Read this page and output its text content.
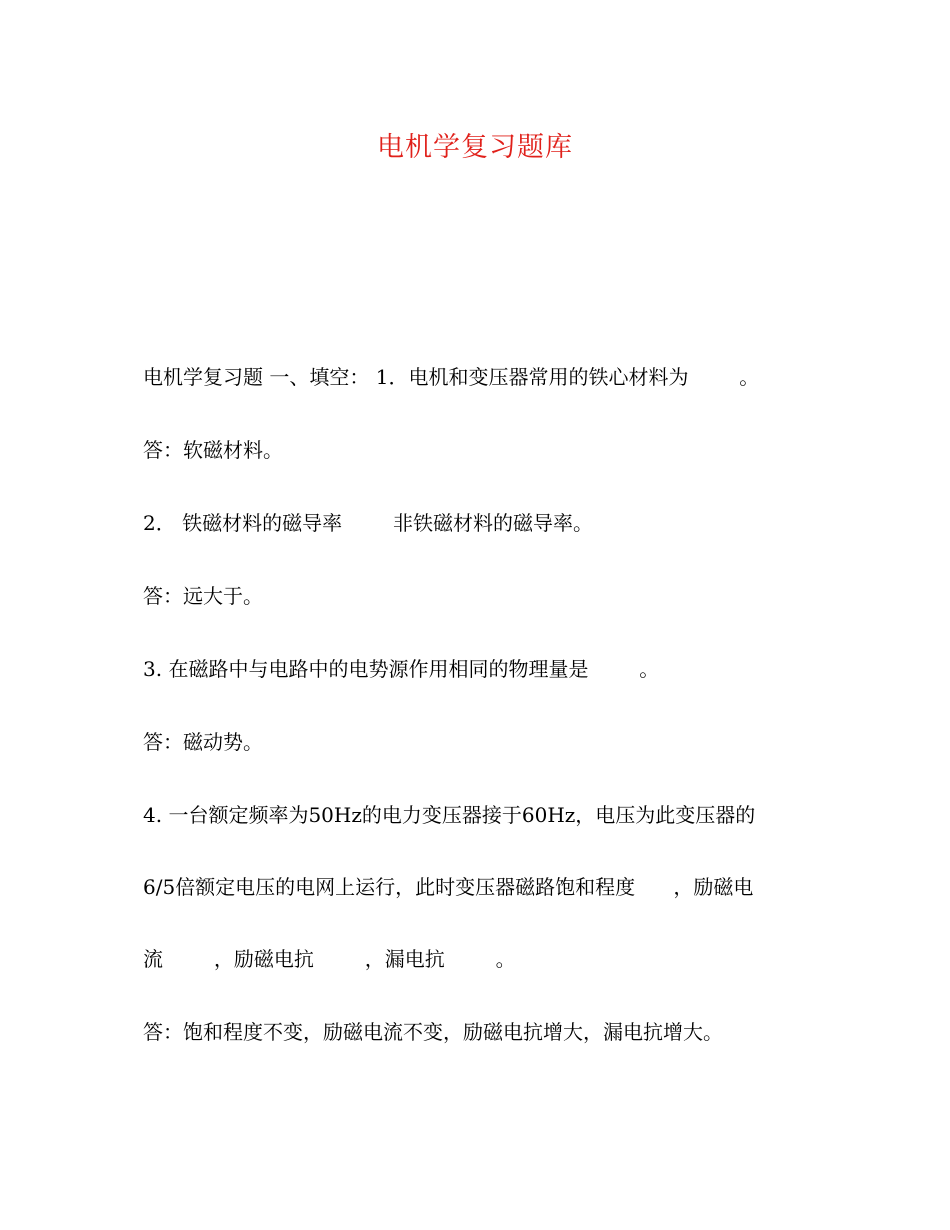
电机学复习题库
电机学复习题 一、填空： 1．电机和变压器常用的铁心材料为        。
答：软磁材料。
2． 铁磁材料的磁导率        非铁磁材料的磁导率。
答：远大于。
3. 在磁路中与电路中的电势源作用相同的物理量是        。
答：磁动势。
4. 一台额定频率为50Hz的电力变压器接于60Hz，电压为此变压器的
6/5倍额定电压的电网上运行，此时变压器磁路饱和程度      ，励磁电
流        ，励磁电抗        ，漏电抗        。
答：饱和程度不变，励磁电流不变，励磁电抗增大，漏电抗增大。
